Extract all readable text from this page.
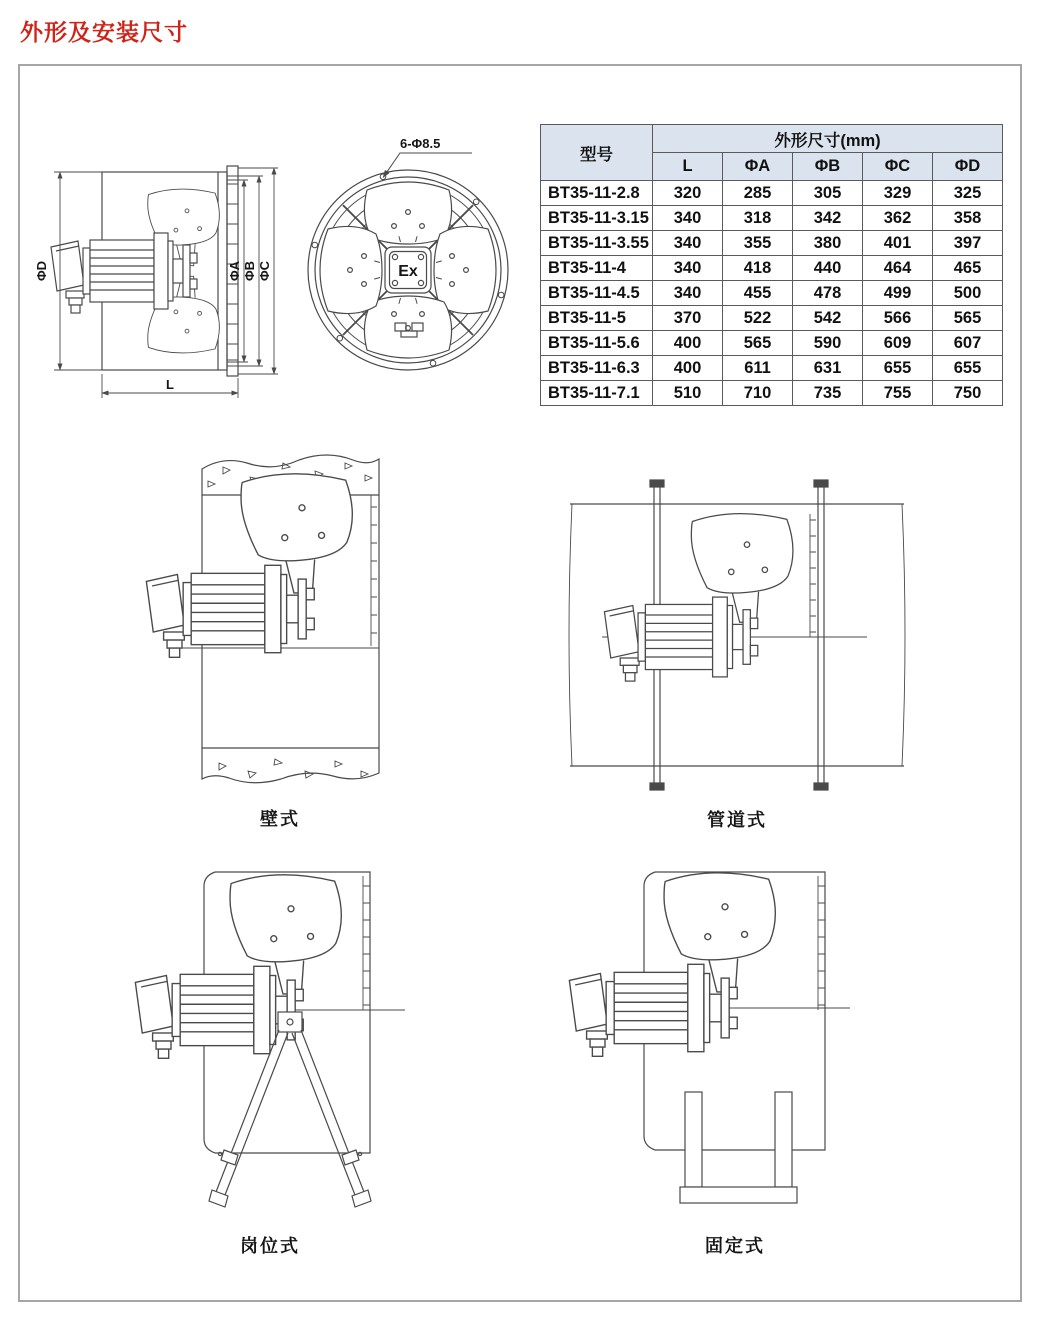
外形及安装尺寸
ΦD	ΦA ΦB ΦC
L
Ex
6-Φ8.5
型号	外形尺寸(mm)				
	L	ΦA	ΦB	ΦC	ΦD
BT35-11-2.8	320	285	305	329	325
BT35-11-3.15	340	318	342	362	358
BT35-11-3.55	340	355	380	401	397
BT35-11-4	340	418	440	464	465
BT35-11-4.5	340	455	478	499	500
BT35-11-5	370	522	542	566	565
BT35-11-5.6	400	565	590	609	607
BT35-11-6.3	400	611	631	655	655
BT35-11-7.1	510	710	735	755	750
壁式	管道式
岗位式	固定式
